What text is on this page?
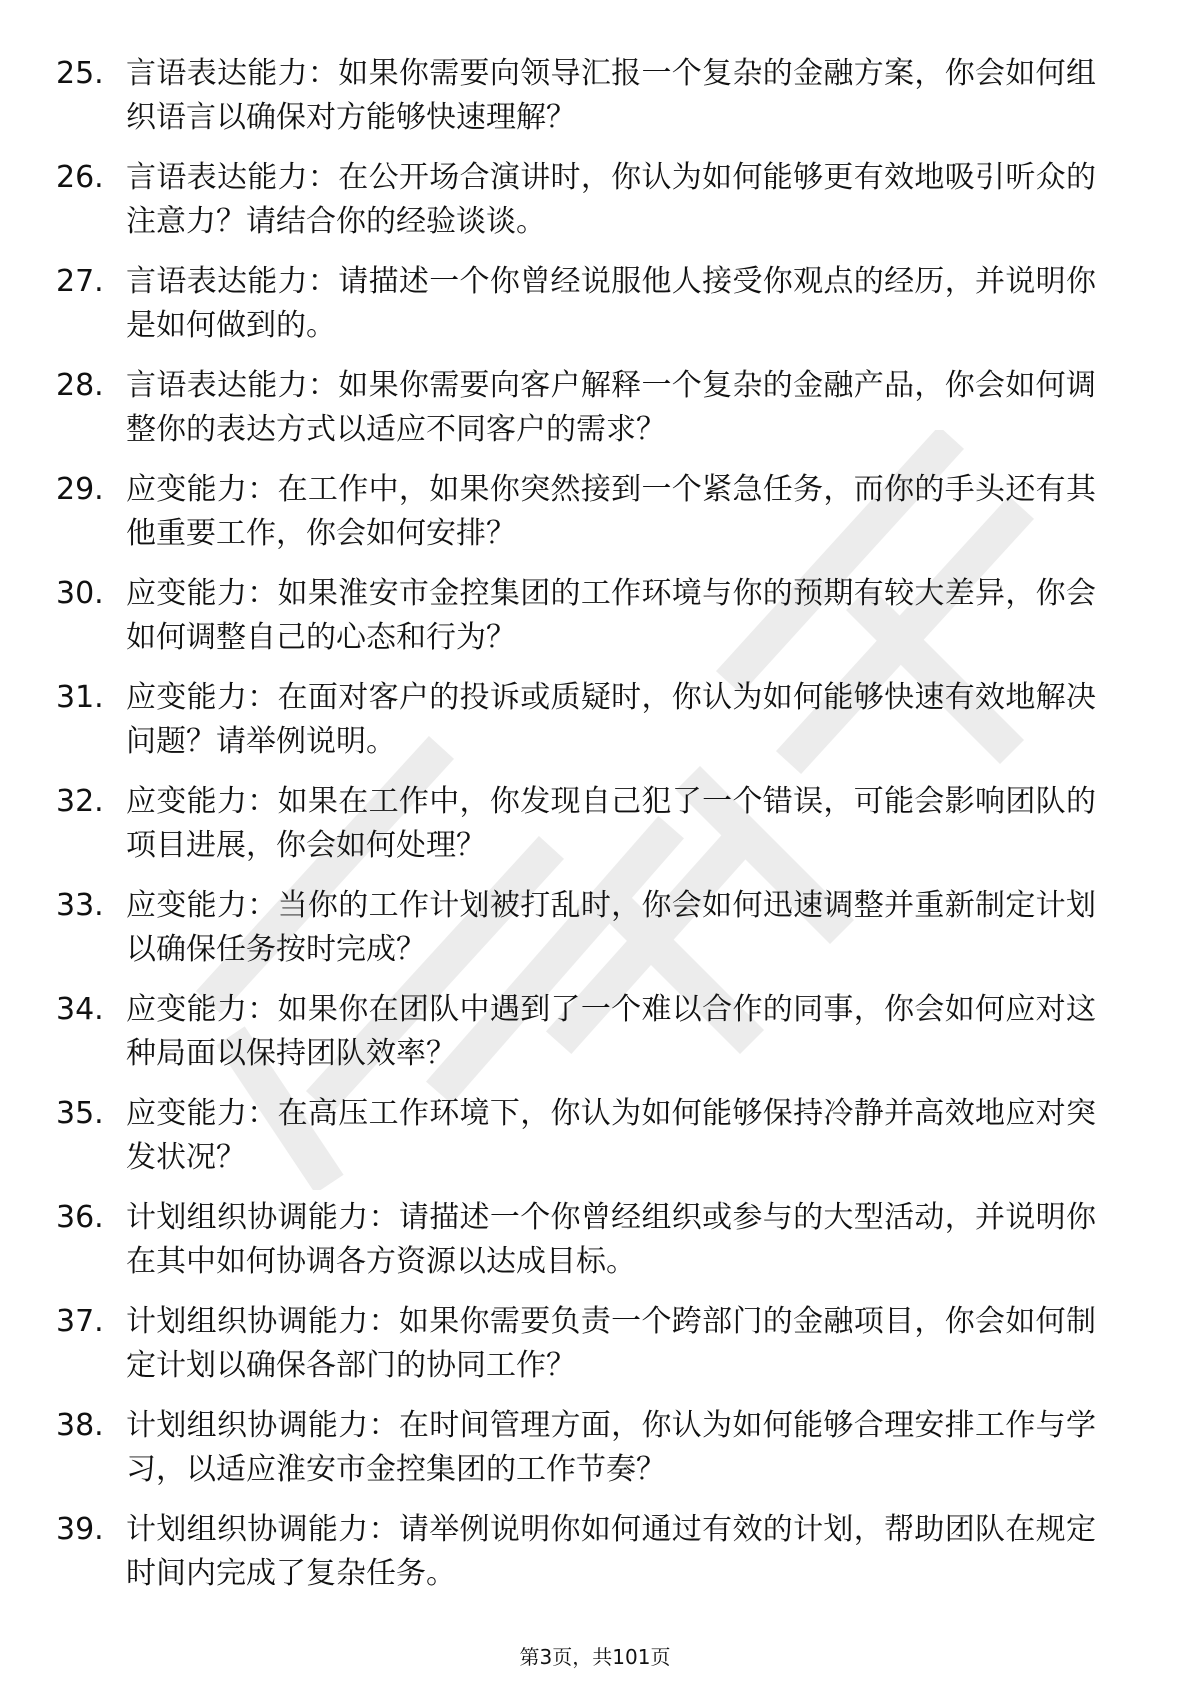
25. 言语表达能力：如果你需要向领导汇报一个复杂的金融方案，你会如何组织语言以确保对方能够快速理解？
26. 言语表达能力：在公开场合演讲时，你认为如何能够更有效地吸引听众的注意力？请结合你的经验谈谈。
27. 言语表达能力：请描述一个你曾经说服他人接受你观点的经历，并说明你是如何做到的。
28. 言语表达能力：如果你需要向客户解释一个复杂的金融产品，你会如何调整你的表达方式以适应不同客户的需求？
29. 应变能力：在工作中，如果你突然接到一个紧急任务，而你的手头还有其他重要工作，你会如何安排？
30. 应变能力：如果淮安市金控集团的工作环境与你的预期有较大差异，你会如何调整自己的心态和行为？
31. 应变能力：在面对客户的投诉或质疑时，你认为如何能够快速有效地解决问题？请举例说明。
32. 应变能力：如果在工作中，你发现自己犯了一个错误，可能会影响团队的项目进展，你会如何处理？
33. 应变能力：当你的工作计划被打乱时，你会如何迅速调整并重新制定计划以确保任务按时完成？
34. 应变能力：如果你在团队中遇到了一个难以合作的同事，你会如何应对这种局面以保持团队效率？
35. 应变能力：在高压工作环境下，你认为如何能够保持冷静并高效地应对突发状况？
36. 计划组织协调能力：请描述一个你曾经组织或参与的大型活动，并说明你在其中如何协调各方资源以达成目标。
37. 计划组织协调能力：如果你需要负责一个跨部门的金融项目，你会如何制定计划以确保各部门的协同工作？
38. 计划组织协调能力：在时间管理方面，你认为如何能够合理安排工作与学习，以适应淮安市金控集团的工作节奏？
39. 计划组织协调能力：请举例说明你如何通过有效的计划，帮助团队在规定时间内完成了复杂任务。
第3页，共101页
